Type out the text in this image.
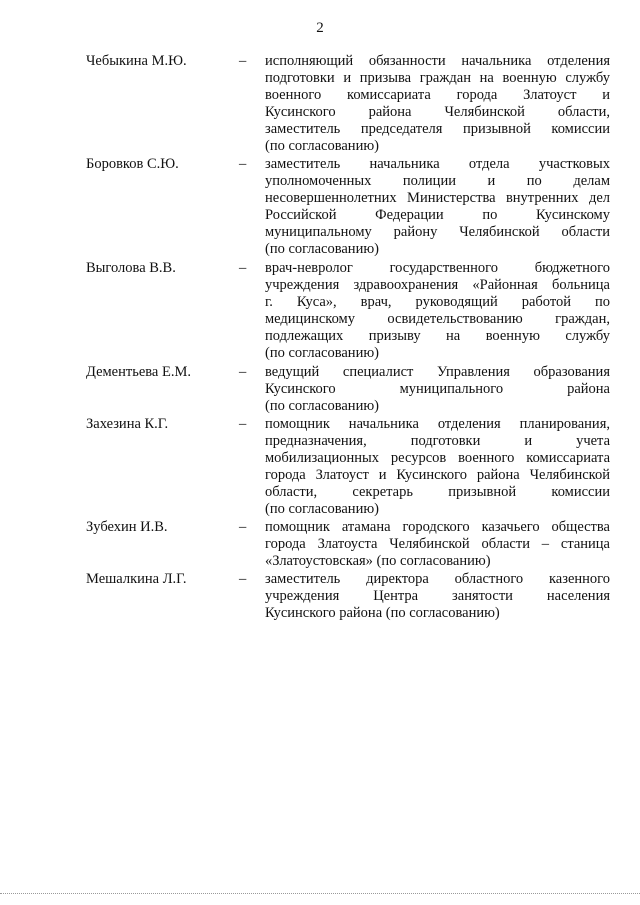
2
Чебыкина М.Ю.	– исполняющий обязанности начальника отделения
подготовки и призыва граждан на военную службу
военного комиссариата города Златоуст и
Кусинского района Челябинской области,
заместитель председателя призывной комиссии
(по согласованию)
Боровков С.Ю.	– заместитель начальника отдела участковых
уполномоченных полиции и по делам
несовершеннолетних Министерства внутренних дел
Российской Федерации по Кусинскому
муниципальному району Челябинской области
(по согласованию)
Выголова В.В.	– врач-невролог государственного бюджетного
учреждения здравоохранения «Районная больница
г. Куса», врач, руководящий работой по
медицинскому освидетельствованию граждан,
подлежащих призыву на военную службу
(по согласованию)
Дементьева Е.М.	– ведущий специалист Управления образования
Кусинского муниципального района
(по согласованию)
Захезина К.Г.	– помощник начальника отделения планирования,
предназначения, подготовки и учета
мобилизационных ресурсов военного комиссариата
города Златоуст и Кусинского района Челябинской
области, секретарь призывной комиссии
(по согласованию)
Зубехин И.В.	– помощник атамана городского казачьего общества
города Златоуста Челябинской области – станица
«Златоустовская» (по согласованию)
Мешалкина Л.Г.	– заместитель директора областного казенного
учреждения Центра занятости населения
Кусинского района (по согласованию)
